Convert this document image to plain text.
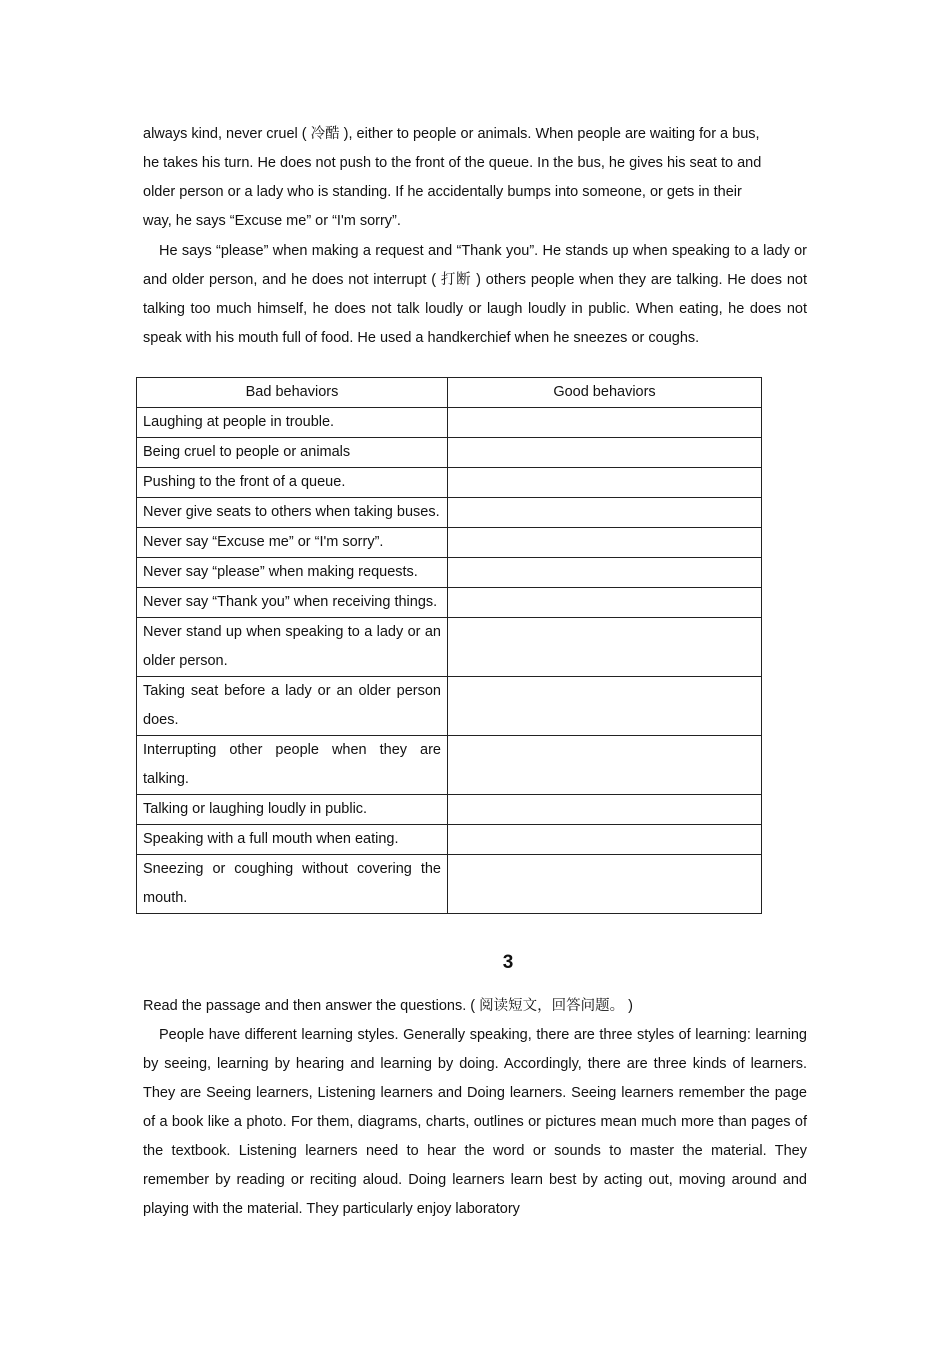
always kind, never cruel ( 冷酷 ), either to people or animals. When people are waiting for a bus,
he takes his turn. He does not push to the front of the queue. In the bus, he gives his seat to and
older person or a lady who is standing. If he accidentally bumps into someone, or gets in their
way, he says “Excuse me” or “I'm sorry”.

He says “please” when making a request and “Thank you”. He stands up when speaking to a lady or and older person, and he does not interrupt ( 打断 ) others people when they are talking. He does not talking too much himself, he does not talk loudly or laugh loudly in public. When eating, he does not speak with his mouth full of food. He used a handkerchief when he sneezes or coughs.

Bad behaviors	Good behaviors
Laughing at people in trouble.	
Being cruel to people or animals	
Pushing to the front of a queue.	
Never give seats to others when taking buses.	
Never say “Excuse me” or “I'm sorry”.	
Never say “please” when making requests.	
Never say “Thank you” when receiving things.	
Never stand up when speaking to a lady or an older person.	
Taking seat before a lady or an older person does.	
Interrupting other people when they are talking.	
Talking or laughing loudly in public.	
Speaking with a full mouth when eating.	
Sneezing or coughing without covering the mouth.	
3

Read the passage and then answer the questions. ( 阅读短文，回答问题。 )

People have different learning styles. Generally speaking, there are three styles of learning: learning by seeing, learning by hearing and learning by doing. Accordingly, there are three kinds of learners. They are Seeing learners, Listening learners and Doing learners. Seeing learners remember the page of a book like a photo. For them, diagrams, charts, outlines or pictures mean much more than pages of the textbook. Listening learners need to hear the word or sounds to master the material. They remember by reading or reciting aloud. Doing learners learn best by acting out, moving around and playing with the material. They particularly enjoy laboratory
